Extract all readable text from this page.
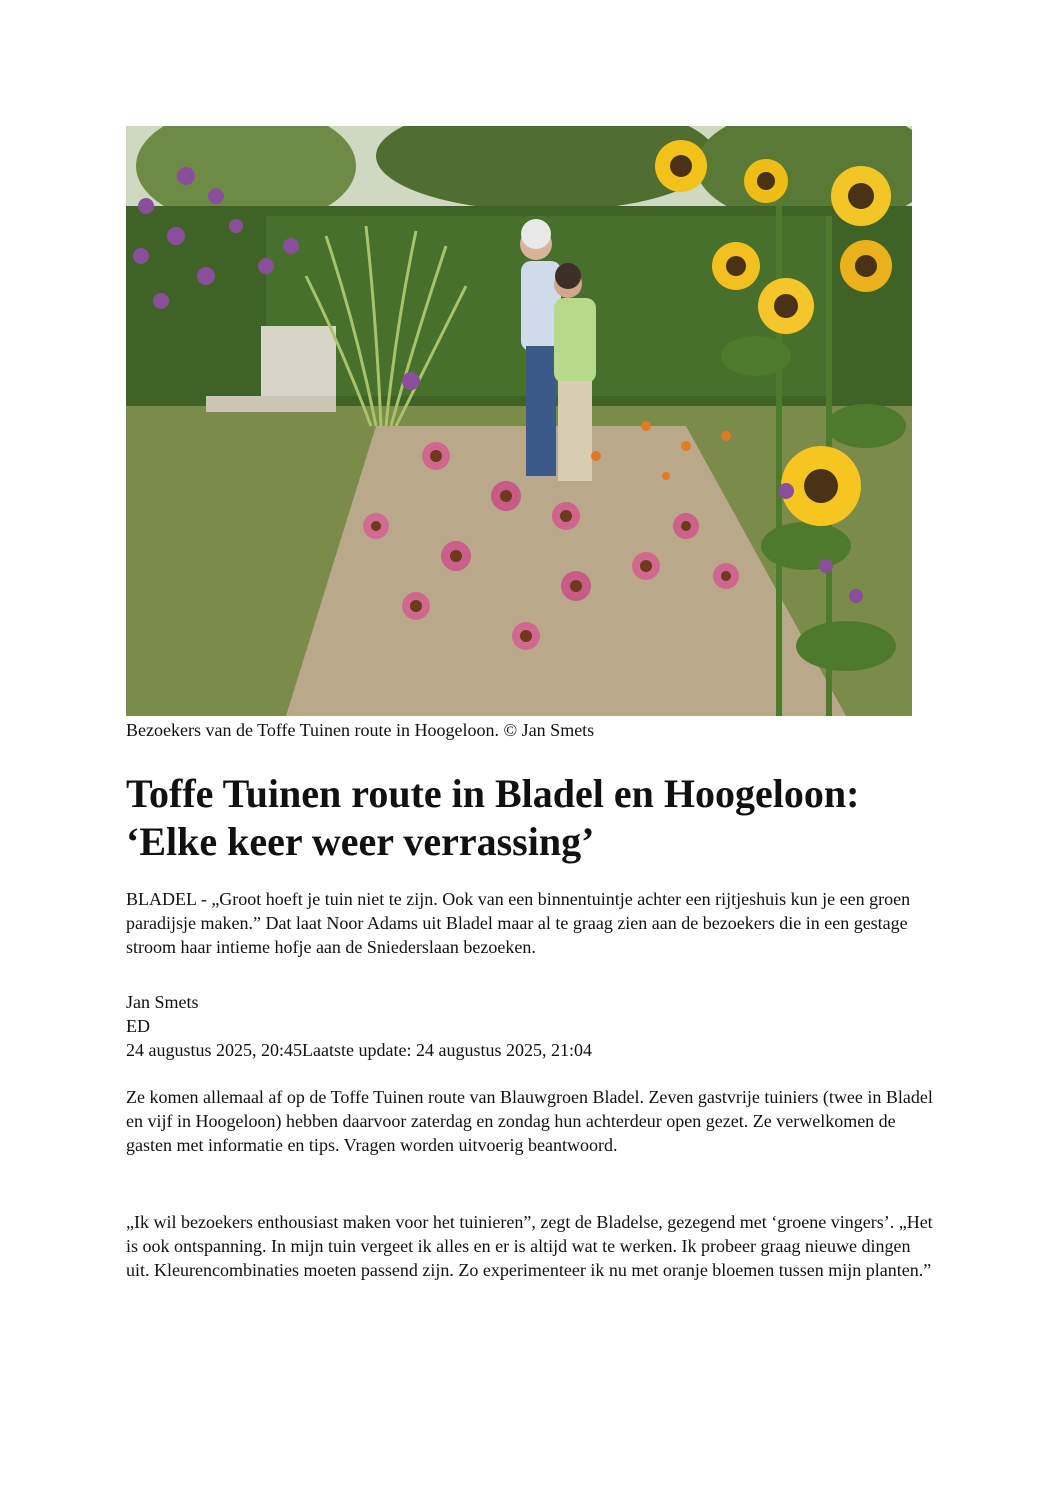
Bezoekers van de Toffe Tuinen route in Hoogeloon. © Jan Smets
Toffe Tuinen route in Bladel en Hoogeloon: ‘Elke keer weer verrassing’

BLADEL - „Groot hoeft je tuin niet te zijn. Ook van een binnentuintje achter een rijtjeshuis kun je een groen paradijsje maken.” Dat laat Noor Adams uit Bladel maar al te graag zien aan de bezoekers die in een gestage stroom haar intieme hofje aan de Sniederslaan bezoeken.

Jan Smets
ED
24 augustus 2025, 20:45Laatste update: 24 augustus 2025, 21:04

Ze komen allemaal af op de Toffe Tuinen route van Blauwgroen Bladel. Zeven gastvrije tuiniers (twee in Bladel en vijf in Hoogeloon) hebben daarvoor zaterdag en zondag hun achterdeur open gezet. Ze verwelkomen de gasten met informatie en tips. Vragen worden uitvoerig beantwoord.

„Ik wil bezoekers enthousiast maken voor het tuinieren”, zegt de Bladelse, gezegend met ‘groene vingers’. „Het is ook ontspanning. In mijn tuin vergeet ik alles en er is altijd wat te werken. Ik probeer graag nieuwe dingen uit. Kleurencombinaties moeten passend zijn. Zo experimenteer ik nu met oranje bloemen tussen mijn planten.”
